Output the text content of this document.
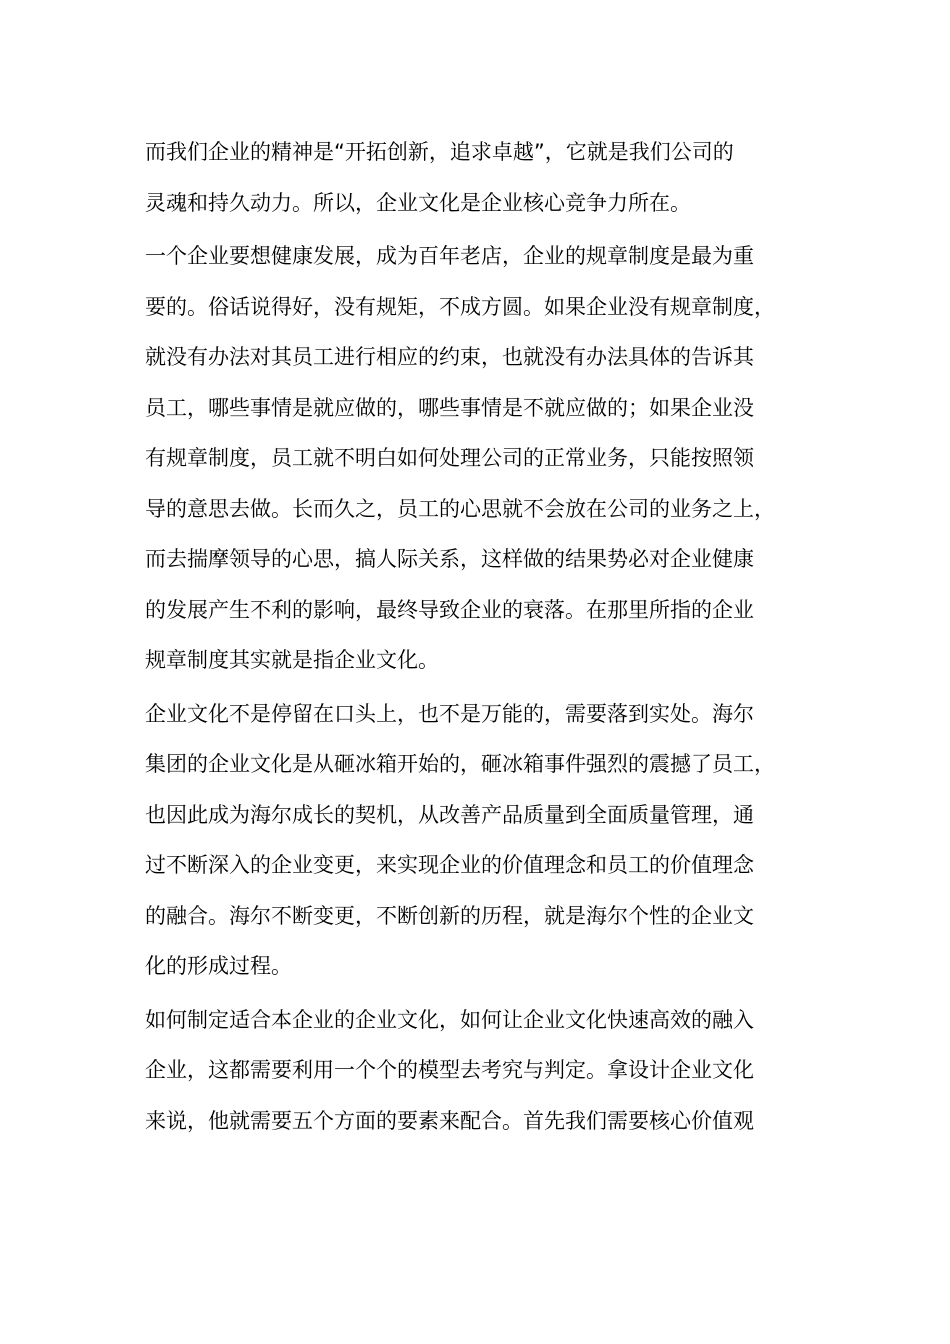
而我们企业的精神是“开拓创新，追求卓越”，它就是我们公司的
灵魂和持久动力。所以，企业文化是企业核心竞争力所在。
一个企业要想健康发展，成为百年老店，企业的规章制度是最为重
要的。俗话说得好，没有规矩，不成方圆。如果企业没有规章制度，
就没有办法对其员工进行相应的约束，也就没有办法具体的告诉其
员工，哪些事情是就应做的，哪些事情是不就应做的；如果企业没
有规章制度，员工就不明白如何处理公司的正常业务，只能按照领
导的意思去做。长而久之，员工的心思就不会放在公司的业务之上，
而去揣摩领导的心思，搞人际关系，这样做的结果势必对企业健康
的发展产生不利的影响，最终导致企业的衰落。在那里所指的企业
规章制度其实就是指企业文化。
企业文化不是停留在口头上，也不是万能的，需要落到实处。海尔
集团的企业文化是从砸冰箱开始的，砸冰箱事件强烈的震撼了员工，
也因此成为海尔成长的契机，从改善产品质量到全面质量管理，通
过不断深入的企业变更，来实现企业的价值理念和员工的价值理念
的融合。海尔不断变更，不断创新的历程，就是海尔个性的企业文
化的形成过程。
如何制定适合本企业的企业文化，如何让企业文化快速高效的融入
企业，这都需要利用一个个的模型去考究与判定。拿设计企业文化
来说，他就需要五个方面的要素来配合。首先我们需要核心价值观
